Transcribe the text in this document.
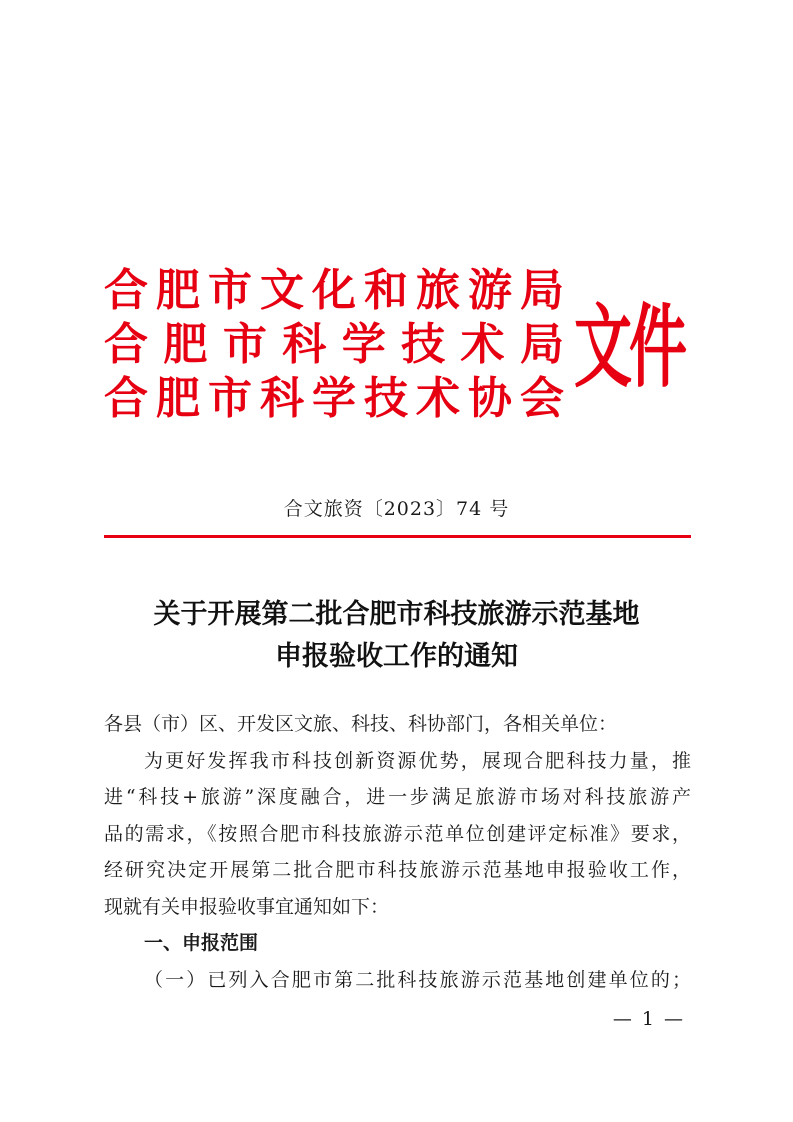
合 肥 市 文 化 和 旅 游 局
合 肥 市 科 学 技 术 局
合 肥 市 科 学 技 术 协 会 文件
合文旅资〔2023〕74 号
关于开展第二批合肥市科技旅游示范基地
申报验收工作的通知
各县（市）区、开发区文旅、科技、科协部门，各相关单位：
为更好发挥我市科技创新资源优势，展现合肥科技力量，推
进“科技+旅游”深度融合，进一步满足旅游市场对科技旅游产
品的需求，《按照合肥市科技旅游示范单位创建评定标准》要求，
经研究决定开展第二批合肥市科技旅游示范基地申报验收工作，
现就有关申报验收事宜通知如下：
一、申报范围
（一）已列入合肥市第二批科技旅游示范基地创建单位的；
— 1 —
